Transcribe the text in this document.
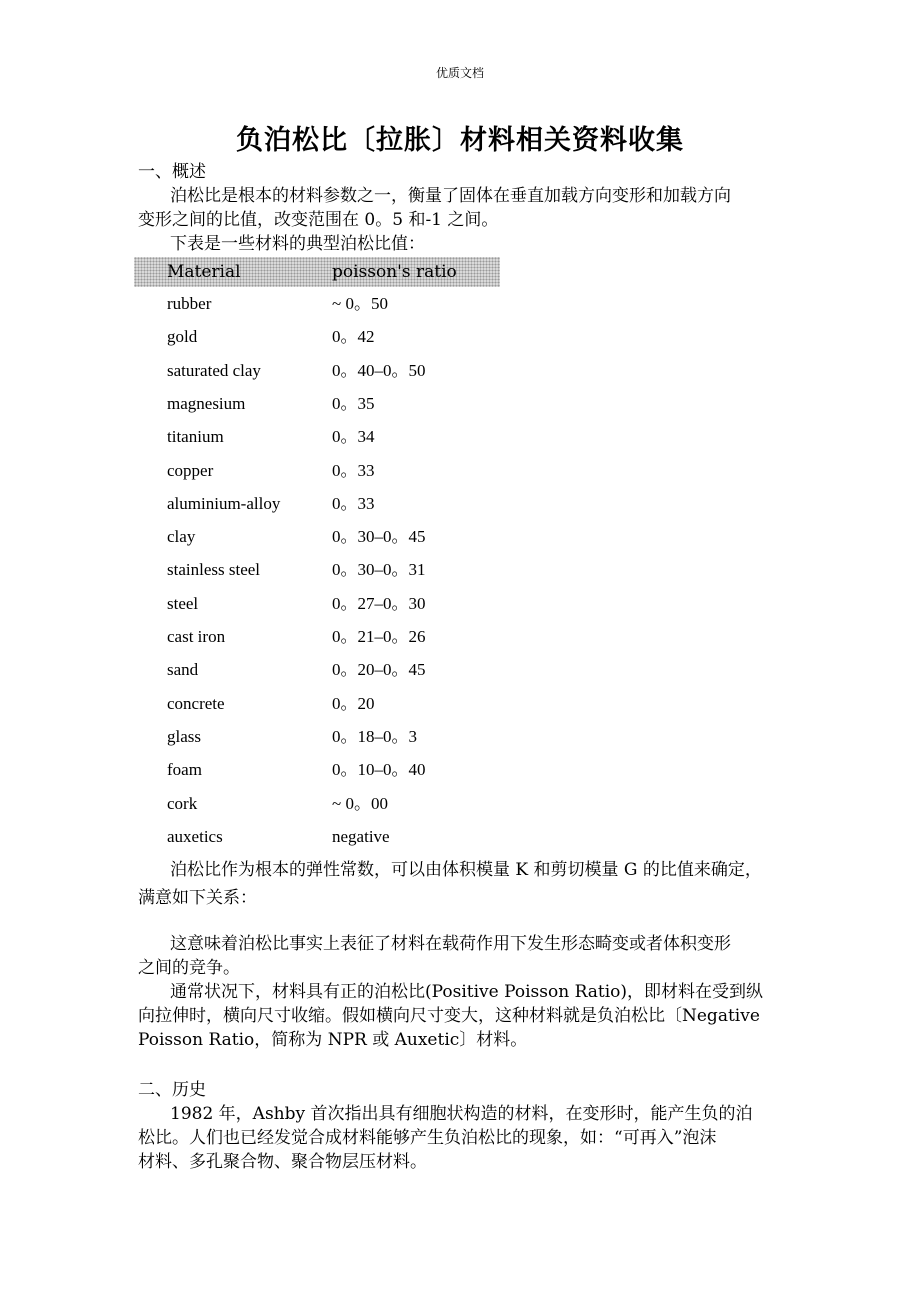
优质文档
负泊松比〔拉胀〕材料相关资料收集
一、概述
泊松比是根本的材料参数之一，衡量了固体在垂直加载方向变形和加载方向
变形之间的比值，改变范围在 0。5 和-1 之间。
下表是一些材料的典型泊松比值：
Material	poisson's ratio
rubber	~ 0。50
gold	0。42
saturated clay	0。40–0。50
magnesium	0。35
titanium	0。34
copper	0。33
aluminium-alloy	0。33
clay	0。30–0。45
stainless steel	0。30–0。31
steel	0。27–0。30
cast iron	0。21–0。26
sand	0。20–0。45
concrete	0。20
glass	0。18–0。3
foam	0。10–0。40
cork	~ 0。00
auxetics	negative
泊松比作为根本的弹性常数，可以由体积模量 K 和剪切模量 G 的比值来确定，
满意如下关系：
这意味着泊松比事实上表征了材料在载荷作用下发生形态畸变或者体积变形
之间的竞争。
通常状况下，材料具有正的泊松比(Positive Poisson Ratio)，即材料在受到纵
向拉伸时，横向尺寸收缩。假如横向尺寸变大，这种材料就是负泊松比〔Negative
Poisson Ratio，简称为 NPR 或 Auxetic〕材料。
二、历史
1982 年，Ashby 首次指出具有细胞状构造的材料，在变形时，能产生负的泊
松比。人们也已经发觉合成材料能够产生负泊松比的现象，如：“可再入”泡沫
材料、多孔聚合物、聚合物层压材料。
